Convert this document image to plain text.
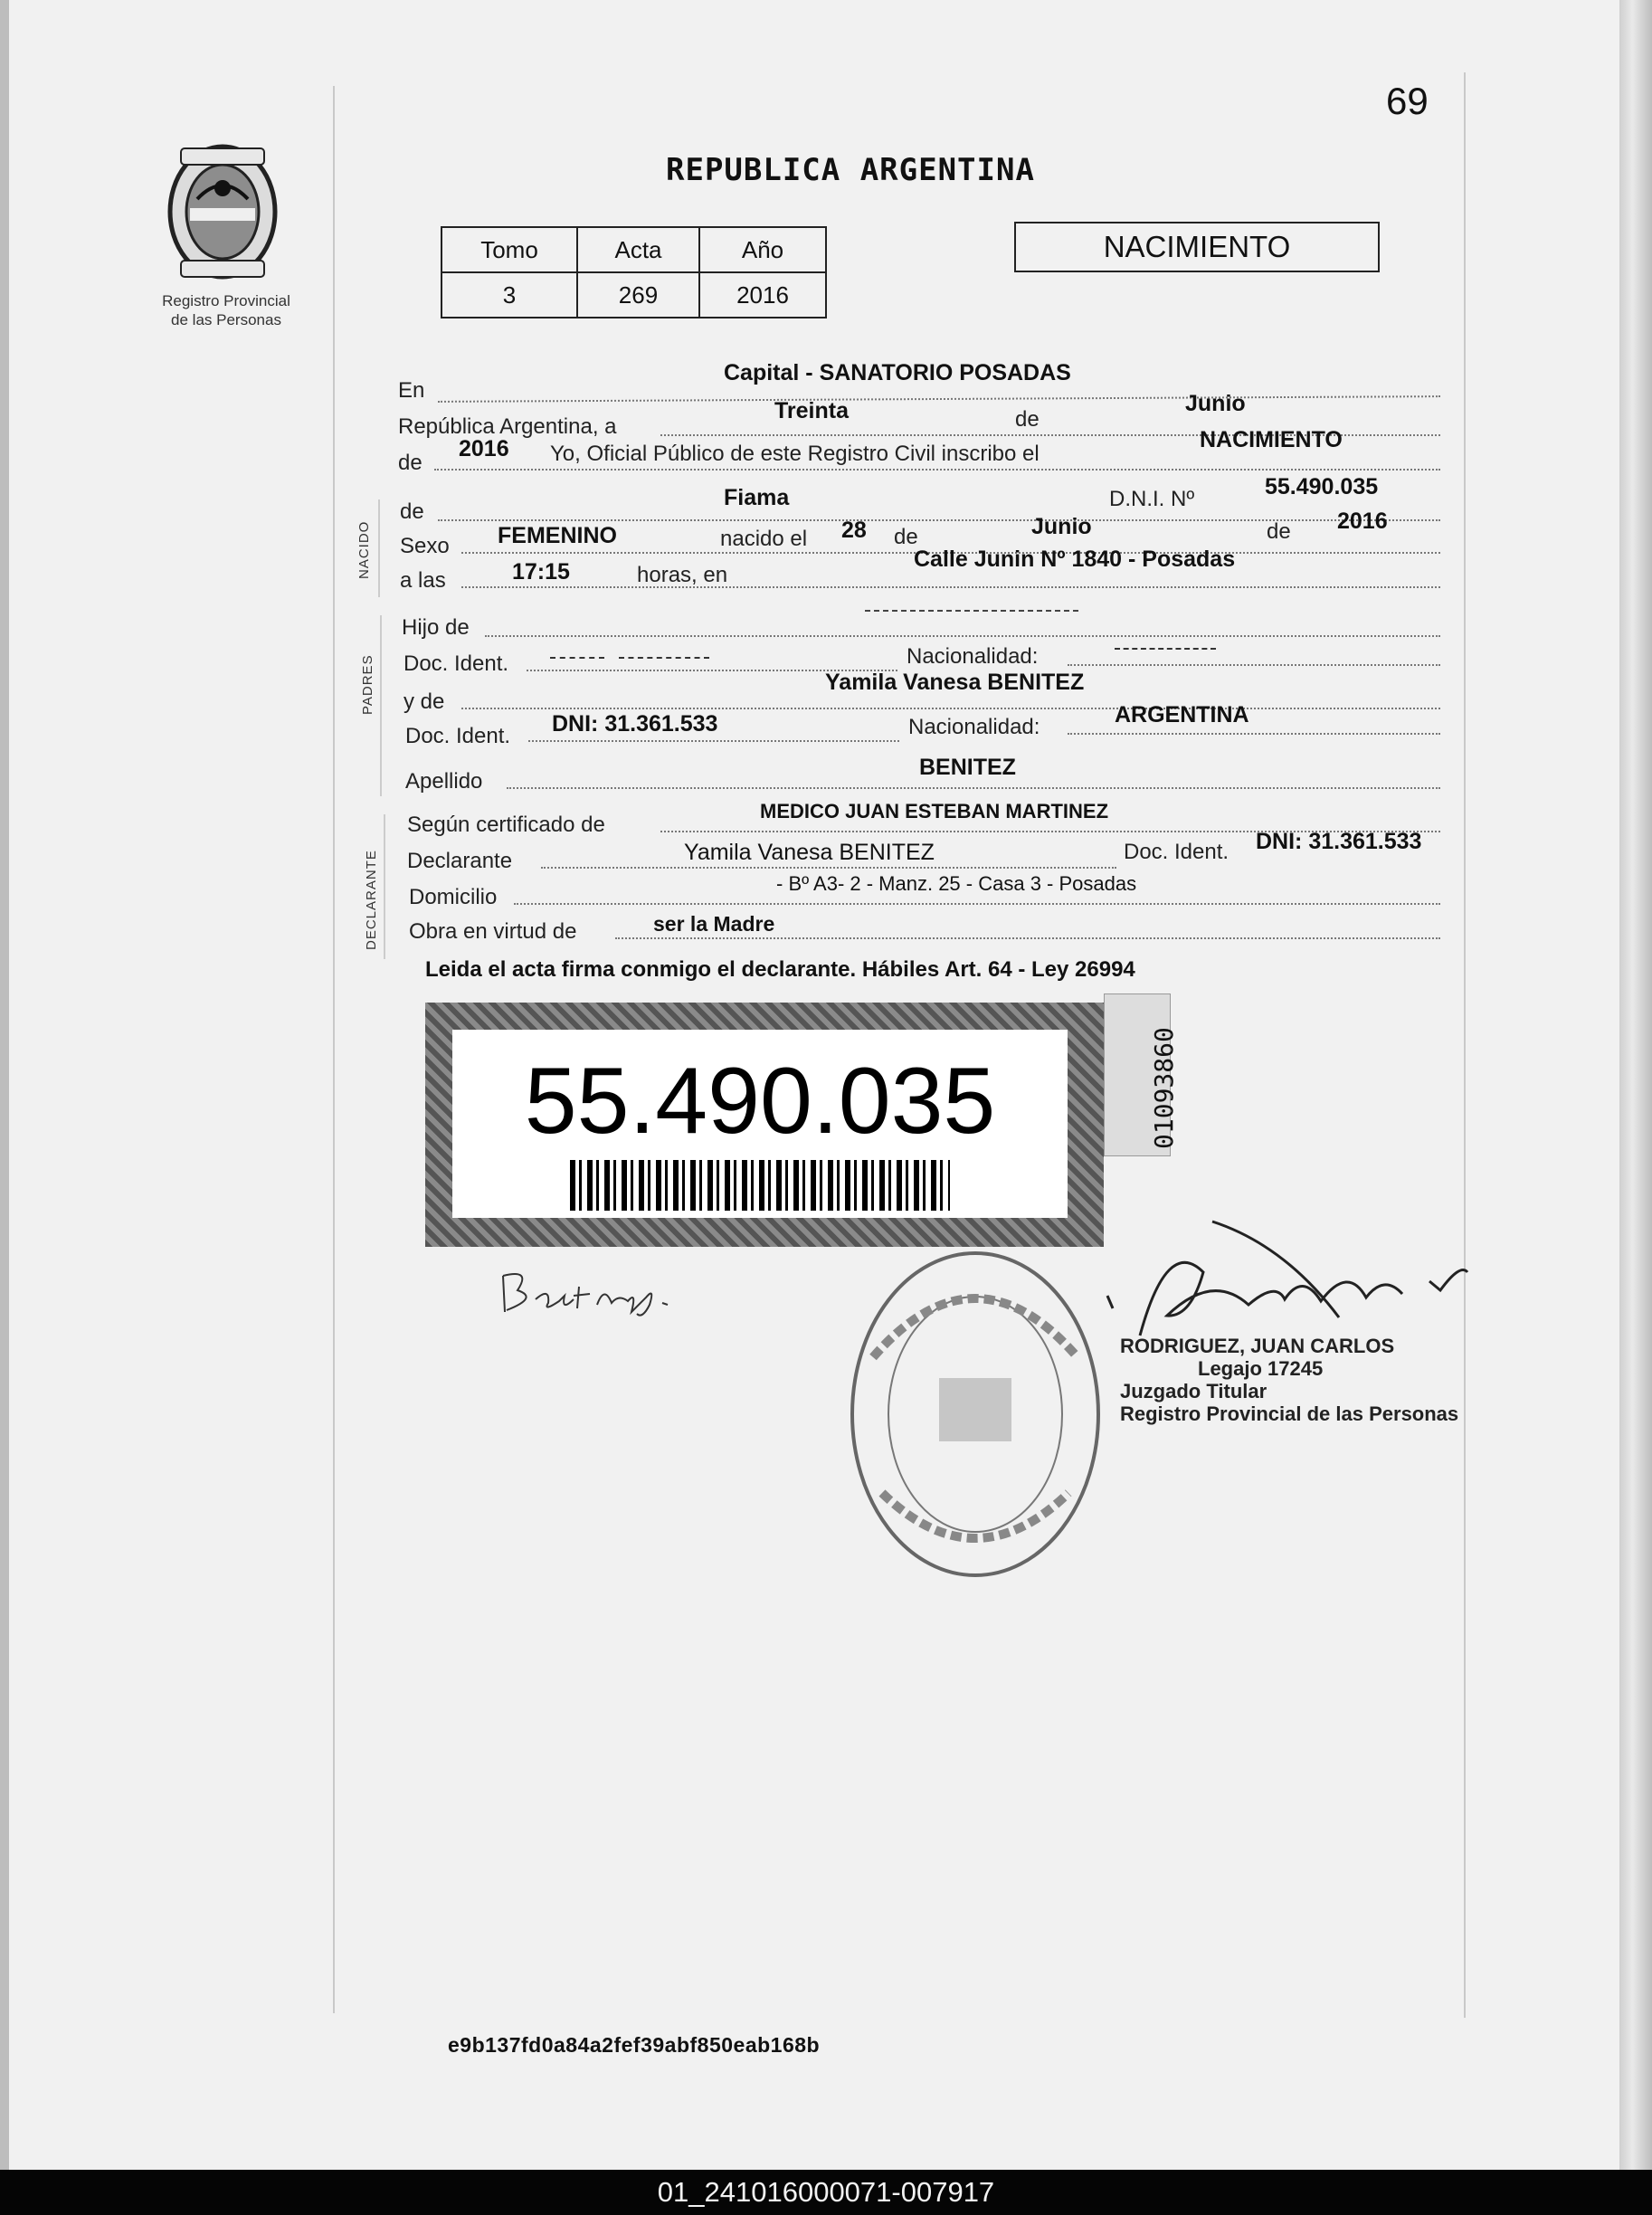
69
Registro Provincial
de las Personas
REPUBLICA ARGENTINA
Tomo	Acta	Año
3	269	2016
NACIMIENTO
NACIDO
PADRES
DECLARANTE
En
Capital - SANATORIO POSADAS
República Argentina, a
Treinta	de
Junio
de
2016 Yo, Oficial Público de este Registro Civil inscribo el
NACIMIENTO
de
Fiama	D.N.I. Nº	55.490.035
Sexo FEMENINO	nacido el 28 de	Junio	de 2016
a las	17:15	horas, en
Calle Junin Nº 1840 - Posadas
Hijo de
Doc. Ident.	Nacionalidad:
y de
Yamila Vanesa BENITEZ
Doc. Ident. DNI: 31.361.533	Nacionalidad:	ARGENTINA
Apellido
BENITEZ
Según certificado de
MEDICO JUAN ESTEBAN MARTINEZ
Declarante	Yamila Vanesa BENITEZ	Doc. Ident. DNI: 31.361.533
Domicilio
- Bº A3- 2 - Manz. 25 - Casa 3 - Posadas
Obra en virtud de	ser la Madre
Leida el acta firma conmigo el declarante. Hábiles Art. 64 - Ley 26994
55.490.035	01093860
RODRIGUEZ, JUAN CARLOS
Legajo 17245
Juzgado Titular
Registro Provincial de las Personas
e9b137fd0a84a2fef39abf850eab168b
01_241016000071-007917
